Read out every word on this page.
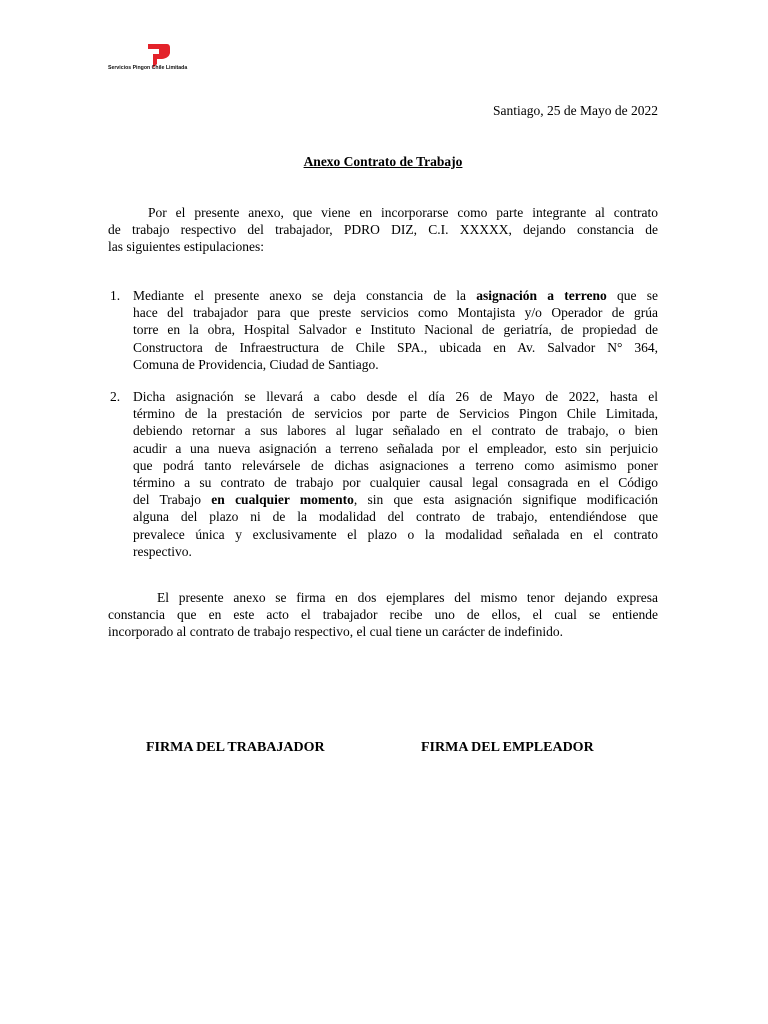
Servicios Pingon Chile Limitada
Santiago, 25 de Mayo de 2022
Anexo Contrato de Trabajo
Por el presente anexo, que viene en incorporarse como parte integrante al contrato
de trabajo respectivo del trabajador, PDRO DIZ, C.I. XXXXX, dejando constancia de
las siguientes estipulaciones:
1. Mediante el presente anexo se deja constancia de la asignación a terreno que se
hace del trabajador para que preste servicios como Montajista y/o Operador de grúa
torre en la obra, Hospital Salvador e Instituto Nacional de geriatría, de propiedad de
Constructora de Infraestructura de Chile SPA., ubicada en Av. Salvador N° 364,
Comuna de Providencia, Ciudad de Santiago.
2. Dicha asignación se llevará a cabo desde el día 26 de Mayo de 2022, hasta el
término de la prestación de servicios por parte de Servicios Pingon Chile Limitada,
debiendo retornar a sus labores al lugar señalado en el contrato de trabajo, o bien
acudir a una nueva asignación a terreno señalada por el empleador, esto sin perjuicio
que podrá tanto relevársele de dichas asignaciones a terreno como asimismo poner
término a su contrato de trabajo por cualquier causal legal consagrada en el Código
del Trabajo en cualquier momento, sin que esta asignación signifique modificación
alguna del plazo ni de la modalidad del contrato de trabajo, entendiéndose que
prevalece única y exclusivamente el plazo o la modalidad señalada en el contrato
respectivo.
El presente anexo se firma en dos ejemplares del mismo tenor dejando expresa
constancia que en este acto el trabajador recibe uno de ellos, el cual se entiende
incorporado al contrato de trabajo respectivo, el cual tiene un carácter de indefinido.
FIRMA DEL TRABAJADOR	FIRMA DEL EMPLEADOR
